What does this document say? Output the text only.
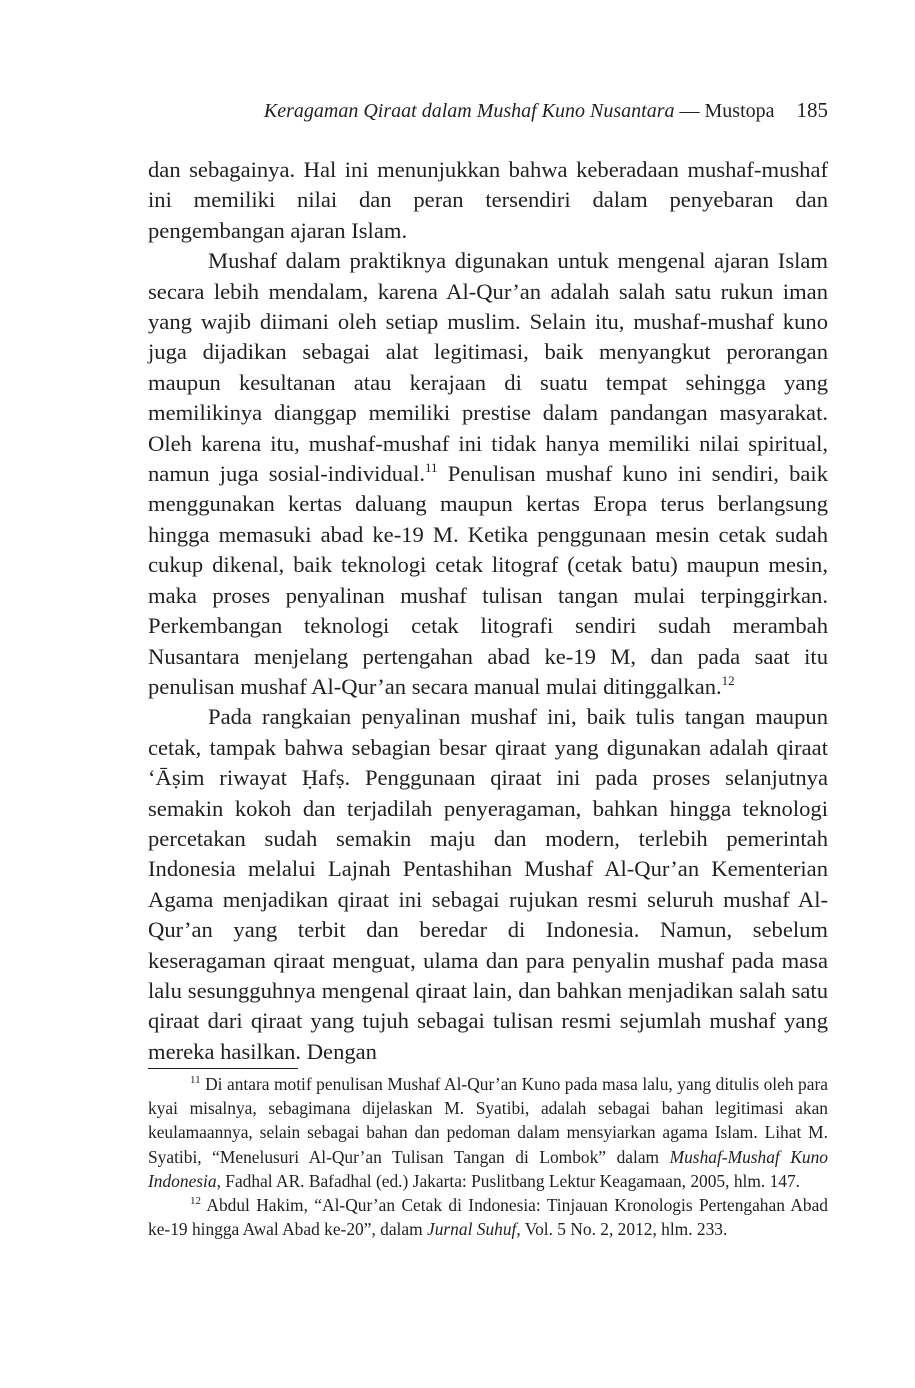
Keragaman Qiraat dalam Mushaf Kuno Nusantara — Mustopa 185

dan sebagainya. Hal ini menunjukkan bahwa keberadaan mushaf-mushaf ini memiliki nilai dan peran tersendiri dalam penyebaran dan pengembangan ajaran Islam.

Mushaf dalam praktiknya digunakan untuk mengenal ajaran Islam secara lebih mendalam, karena Al-Qur’an adalah salah satu rukun iman yang wajib diimani oleh setiap muslim. Selain itu, mushaf-mushaf kuno juga dijadikan sebagai alat legitimasi, baik menyangkut perorangan maupun kesultanan atau kerajaan di suatu tempat sehingga yang memilikinya dianggap memiliki prestise dalam pandangan masyarakat. Oleh karena itu, mushaf-mushaf ini tidak hanya memiliki nilai spiritual, namun juga sosial-individual.$^{11}$ Penulisan mushaf kuno ini sendiri, baik menggunakan kertas daluang maupun kertas Eropa terus berlangsung hingga memasuki abad ke-19 M. Ketika penggunaan mesin cetak sudah cukup dikenal, baik teknologi cetak litograf (cetak batu) maupun mesin, maka proses penyalinan mushaf tulisan tangan mulai terpinggirkan. Perkembangan teknologi cetak litografi sendiri sudah merambah Nusantara menjelang pertengahan abad ke-19 M, dan pada saat itu penulisan mushaf Al-Qur’an secara manual mulai ditinggalkan.$^{12}$

Pada rangkaian penyalinan mushaf ini, baik tulis tangan maupun cetak, tampak bahwa sebagian besar qiraat yang digunakan adalah qiraat ‘Āṣim riwayat Ḥafṣ. Penggunaan qiraat ini pada proses selanjutnya semakin kokoh dan terjadilah penyeragaman, bahkan hingga teknologi percetakan sudah semakin maju dan modern, terlebih pemerintah Indonesia melalui Lajnah Pentashihan Mushaf Al-Qur’an Kementerian Agama menjadikan qiraat ini sebagai rujukan resmi seluruh mushaf Al-Qur’an yang terbit dan beredar di Indonesia. Namun, sebelum keseragaman qiraat menguat, ulama dan para penyalin mushaf pada masa lalu sesungguhnya mengenal qiraat lain, dan bahkan menjadikan salah satu qiraat dari qiraat yang tujuh sebagai tulisan resmi sejumlah mushaf yang mereka hasilkan. Dengan

$^{11}$ Di antara motif penulisan Mushaf Al-Qur’an Kuno pada masa lalu, yang ditulis oleh para kyai misalnya, sebagimana dijelaskan M. Syatibi, adalah sebagai bahan legitimasi akan keulamaannya, selain sebagai bahan dan pedoman dalam mensyiarkan agama Islam. Lihat M. Syatibi, “Menelusuri Al-Qur’an Tulisan Tangan di Lombok” dalam Mushaf-Mushaf Kuno Indonesia, Fadhal AR. Bafadhal (ed.) Jakarta: Puslitbang Lektur Keagamaan, 2005, hlm. 147.

$^{12}$ Abdul Hakim, “Al-Qur’an Cetak di Indonesia: Tinjauan Kronologis Pertengahan Abad ke-19 hingga Awal Abad ke-20”, dalam Jurnal Suhuf, Vol. 5 No. 2, 2012, hlm. 233.
